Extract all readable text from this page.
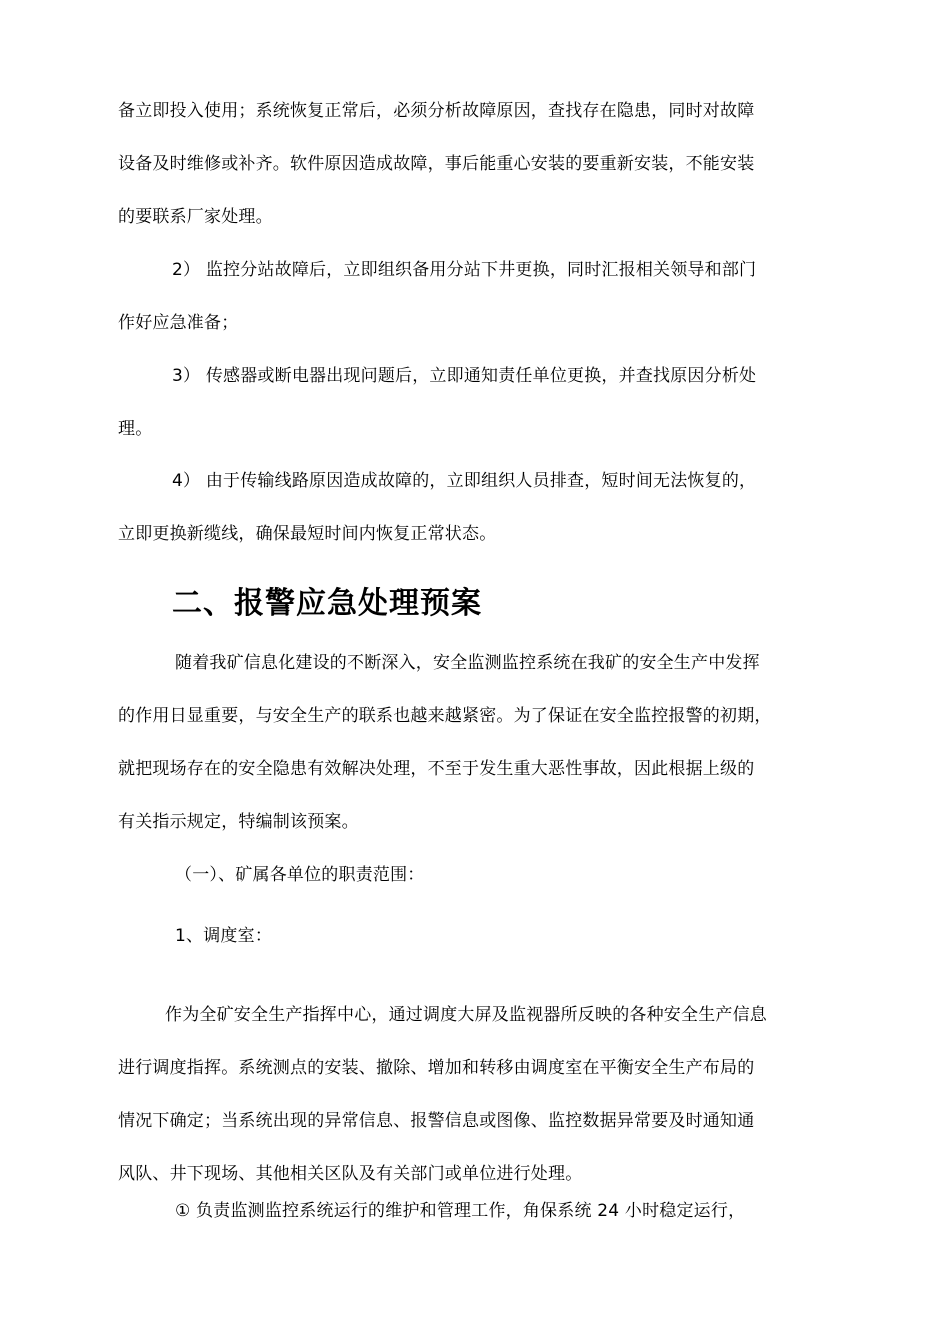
备立即投入使用；系统恢复正常后，必须分析故障原因，查找存在隐患，同时对故障
设备及时维修或补齐。软件原因造成故障，事后能重心安装的要重新安装，不能安装
的要联系厂家处理。
2） 监控分站故障后，立即组织备用分站下井更换，同时汇报相关领导和部门
作好应急准备；
3） 传感器或断电器出现问题后，立即通知责任单位更换，并查找原因分析处
理。
4） 由于传输线路原因造成故障的，立即组织人员排查，短时间无法恢复的，
立即更换新缆线，确保最短时间内恢复正常状态。
二、报警应急处理预案
随着我矿信息化建设的不断深入，安全监测监控系统在我矿的安全生产中发挥
的作用日显重要，与安全生产的联系也越来越紧密。为了保证在安全监控报警的初期，
就把现场存在的安全隐患有效解决处理，不至于发生重大恶性事故，因此根据上级的
有关指示规定，特编制该预案。
（一）、矿属各单位的职责范围：
1、调度室：
作为全矿安全生产指挥中心，通过调度大屏及监视器所反映的各种安全生产信息
进行调度指挥。系统测点的安装、撤除、增加和转移由调度室在平衡安全生产布局的
情况下确定；当系统出现的异常信息、报警信息或图像、监控数据异常要及时通知通
风队、井下现场、其他相关区队及有关部门或单位进行处理。
① 负责监测监控系统运行的维护和管理工作，角保系统 24 小时稳定运行，
